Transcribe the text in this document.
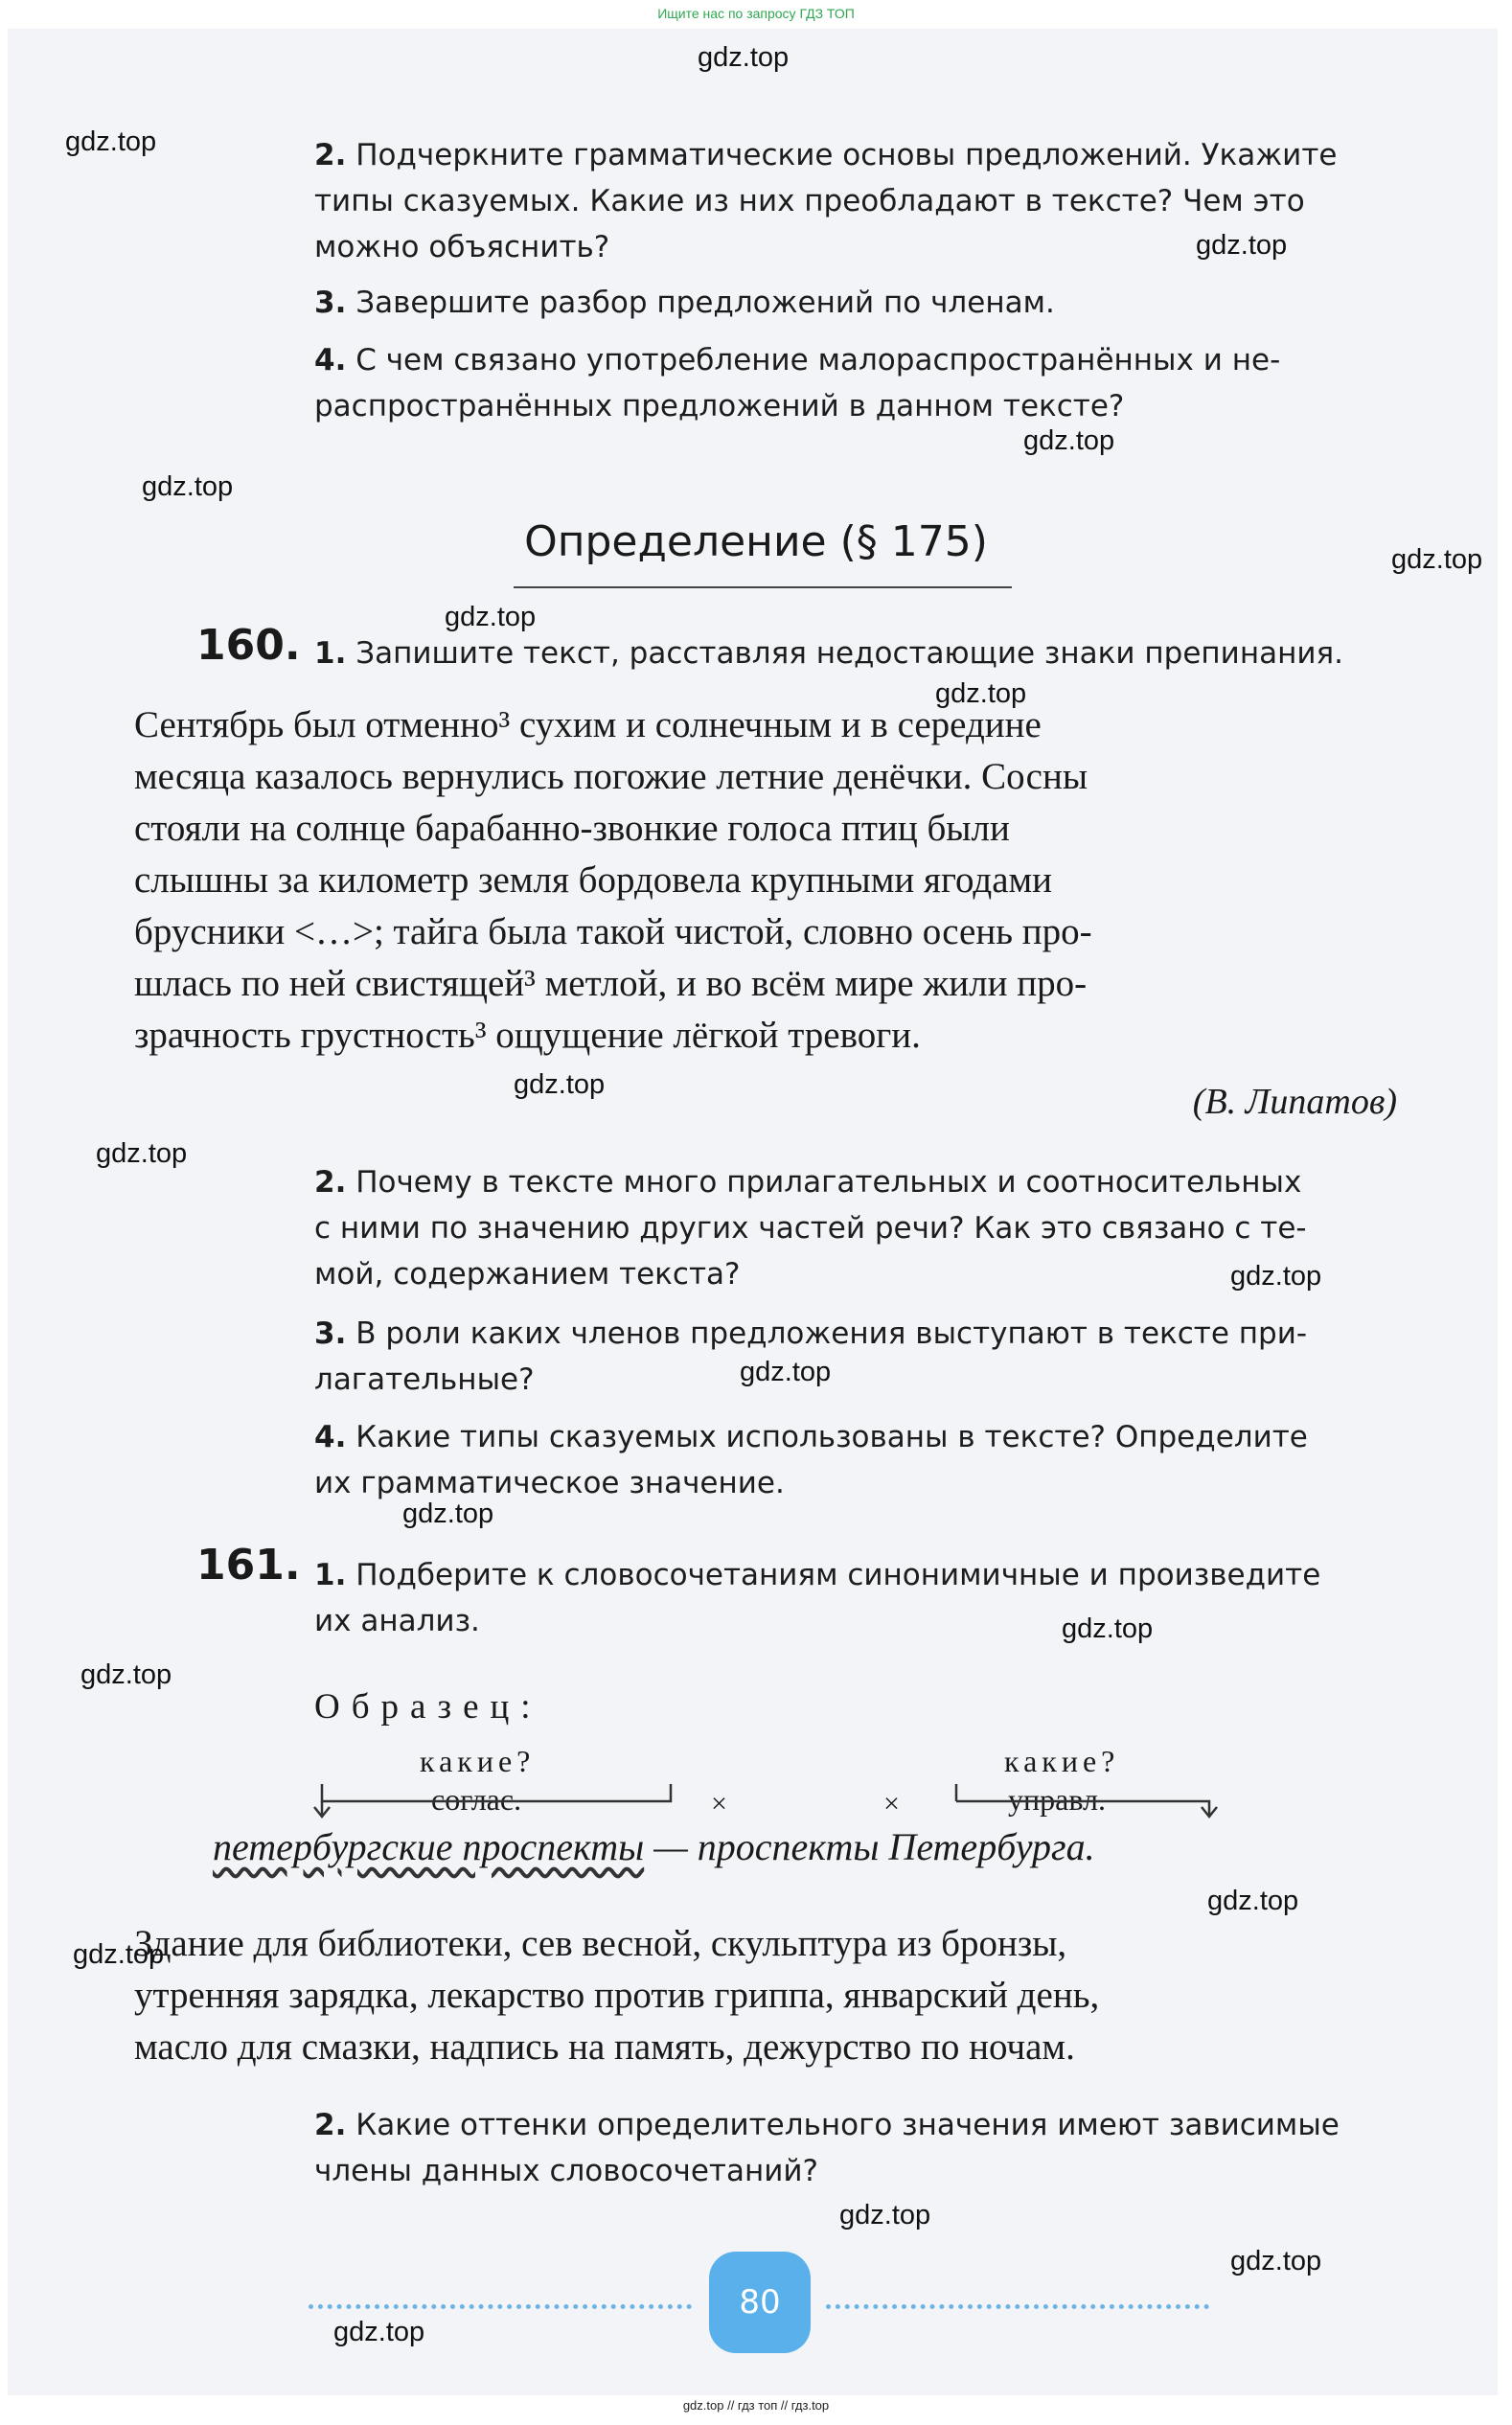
Ищите нас по запросу ГДЗ ТОП
2. Подчеркните грамматические основы предложений. Укажите
типы сказуемых. Какие из них преобладают в тексте? Чем это
можно объяснить?
3. Завершите разбор предложений по членам.
4. С чем связано употребление малораспространённых и не-
распространённых предложений в данном тексте?
Определение (§ 175)
160. 1. Запишите текст, расставляя недостающие знаки препинания.
Сентябрь был отменно³ сухим и солнечным и в середине
месяца казалось вернулись погожие летние денёчки. Сосны
стояли на солнце барабанно-звонкие голоса птиц были
слышны за километр земля бордовела крупными ягодами
брусники <…>; тайга была такой чистой, словно осень про-
шлась по ней свистящей³ метлой, и во всём мире жили про-
зрачность грустность³ ощущение лёгкой тревоги.
(В. Липатов)
2. Почему в тексте много прилагательных и соотносительных
с ними по значению других частей речи? Как это связано с те-
мой, содержанием текста?
3. В роли каких членов предложения выступают в тексте при-
лагательные?
4. Какие типы сказуемых использованы в тексте? Определите
их грамматическое значение.
161. 1. Подберите к словосочетаниям синонимичные и произведите
их анализ.
Образец:
какие?
соглас.
какие?
управл.
×	×
петербургские проспекты — проспекты Петербурга.
Здание для библиотеки, сев весной, скульптура из бронзы,
утренняя зарядка, лекарство против гриппа, январский день,
масло для смазки, надпись на память, дежурство по ночам.
2. Какие оттенки определительного значения имеют зависимые
члены данных словосочетаний?
80
gdz.top // гдз топ // гдз.top
gdz.top
gdz.top
gdz.top
gdz.top
gdz.top
gdz.top
gdz.top
gdz.top
gdz.top
gdz.top
gdz.top
gdz.top
gdz.top
gdz.top
gdz.top
gdz.top
gdz.top
gdz.top
gdz.top
gdz.top
